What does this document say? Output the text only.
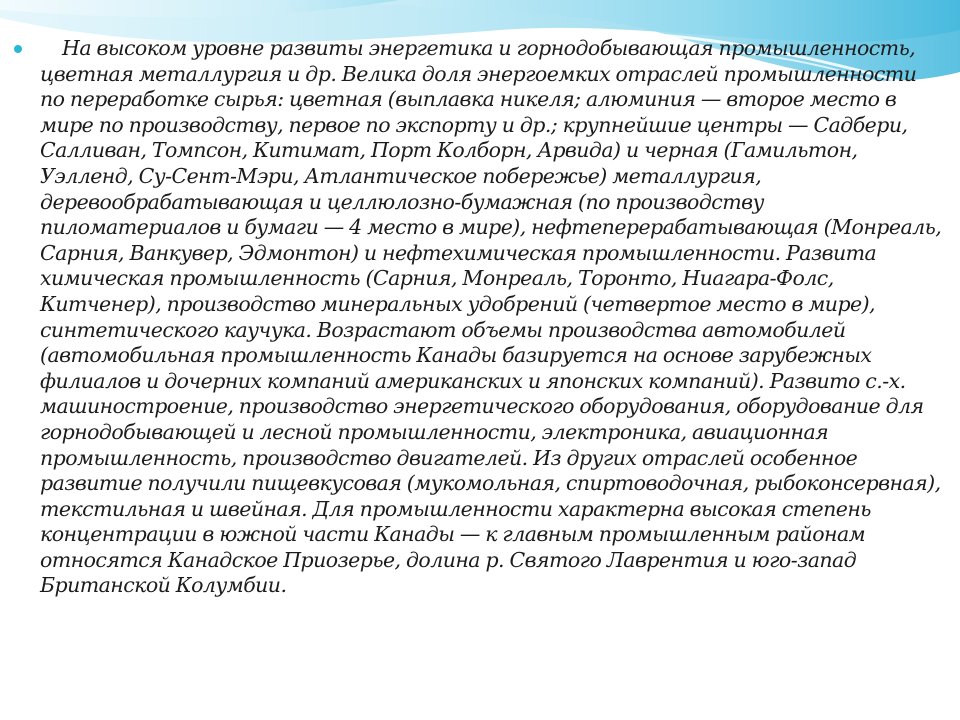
На высоком уровне развиты энергетика и горнодобывающая промышленность, цветная металлургия и др. Велика доля энергоемких отраслей промышленности по переработке сырья: цветная (выплавка никеля; алюминия — второе место в мире по производству, первое по экспорту и др.; крупнейшие центры — Садбери, Салливан, Томпсон, Китимат, Порт Колборн, Арвида) и черная (Гамильтон, Уэлленд, Су-Сент-Мэри, Атлантическое побережье) металлургия, деревообрабатывающая и целлюлозно-бумажная (по производству пиломатериалов и бумаги — 4 место в мире), нефтеперерабатывающая (Монреаль, Сарния, Ванкувер, Эдмонтон) и нефтехимическая промышленности. Развита химическая промышленность (Сарния, Монреаль, Торонто, Ниагара-Фолс, Китченер), производство минеральных удобрений (четвертое место в мире), синтетического каучука. Возрастают объемы производства автомобилей (автомобильная промышленность Канады базируется на основе зарубежных филиалов и дочерних компаний американских и японских компаний). Развито с.-х. машиностроение, производство энергетического оборудования, оборудование для горнодобывающей и лесной промышленности, электроника, авиационная промышленность, производство двигателей. Из других отраслей особенное развитие получили пищевкусовая (мукомольная, спиртоводочная, рыбоконсервная), текстильная и швейная. Для промышленности характерна высокая степень концентрации в южной части Канады — к главным промышленным районам относятся Канадское Приозерье, долина р. Святого Лаврентия и юго-запад Британской Колумбии.
